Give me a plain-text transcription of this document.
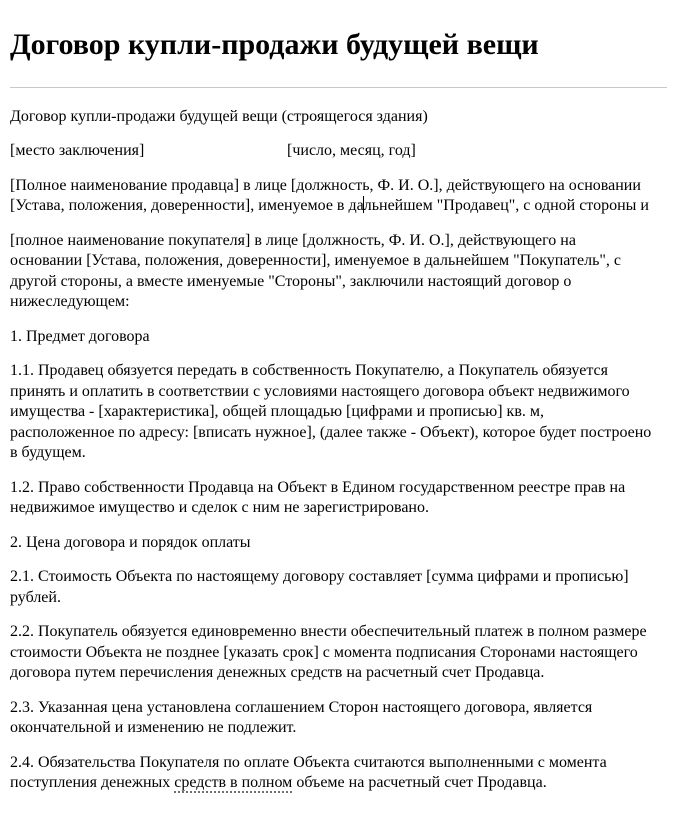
Договор купли-продажи будущей вещи

Договор купли-продажи будущей вещи (строящегося здания)

[место заключения]	[число, месяц, год]

[Полное наименование продавца] в лице [должность, Ф. И. О.], действующего на основании [Устава, положения, доверенности], именуемое в дальнейшем "Продавец", с одной стороны и

[полное наименование покупателя] в лице [должность, Ф. И. О.], действующего на основании [Устава, положения, доверенности], именуемое в дальнейшем "Покупатель", с другой стороны, а вместе именуемые "Стороны", заключили настоящий договор о нижеследующем:

1. Предмет договора

1.1. Продавец обязуется передать в собственность Покупателю, а Покупатель обязуется принять и оплатить в соответствии с условиями настоящего договора объект недвижимого имущества - [характеристика], общей площадью [цифрами и прописью] кв. м, расположенное по адресу: [вписать нужное], (далее также - Объект), которое будет построено в будущем.

1.2. Право собственности Продавца на Объект в Едином государственном реестре прав на недвижимое имущество и сделок с ним не зарегистрировано.

2. Цена договора и порядок оплаты

2.1. Стоимость Объекта по настоящему договору составляет [сумма цифрами и прописью] рублей.

2.2. Покупатель обязуется единовременно внести обеспечительный платеж в полном размере стоимости Объекта не позднее [указать срок] с момента подписания Сторонами настоящего договора путем перечисления денежных средств на расчетный счет Продавца.

2.3. Указанная цена установлена соглашением Сторон настоящего договора, является окончательной и изменению не подлежит.

2.4. Обязательства Покупателя по оплате Объекта считаются выполненными с момента поступления денежных средств в полном объеме на расчетный счет Продавца.
